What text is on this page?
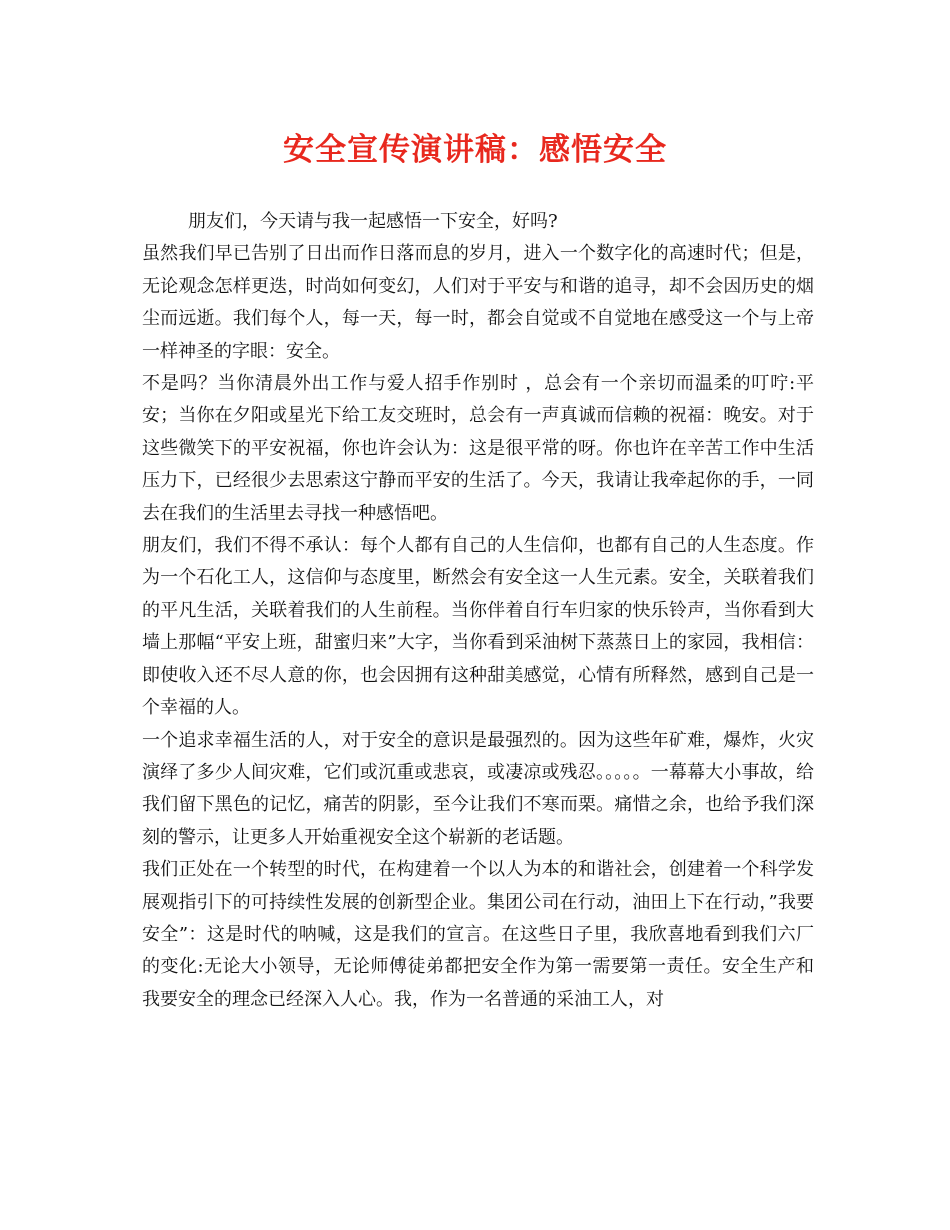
安全宣传演讲稿：感悟安全

朋友们，今天请与我一起感悟一下安全，好吗?

虽然我们早已告别了日出而作日落而息的岁月，进入一个数字化的高速时代；但是，无论观念怎样更迭，时尚如何变幻，人们对于平安与和谐的追寻，却不会因历史的烟尘而远逝。我们每个人，每一天，每一时，都会自觉或不自觉地在感受这一个与上帝一样神圣的字眼：安全。

不是吗？当你清晨外出工作与爱人招手作别时 ，总会有一个亲切而温柔的叮咛:平安；当你在夕阳或星光下给工友交班时，总会有一声真诚而信赖的祝福：晚安。对于这些微笑下的平安祝福，你也许会认为：这是很平常的呀。你也许在辛苦工作中生活压力下，已经很少去思索这宁静而平安的生活了。今天，我请让我牵起你的手，一同去在我们的生活里去寻找一种感悟吧。

朋友们，我们不得不承认：每个人都有自己的人生信仰，也都有自己的人生态度。作为一个石化工人，这信仰与态度里，断然会有安全这一人生元素。安全，关联着我们的平凡生活，关联着我们的人生前程。当你伴着自行车归家的快乐铃声，当你看到大墙上那幅“平安上班，甜蜜归来”大字，当你看到采油树下蒸蒸日上的家园，我相信：即使收入还不尽人意的你，也会因拥有这种甜美感觉，心情有所释然，感到自己是一个幸福的人。

一个追求幸福生活的人，对于安全的意识是最强烈的。因为这些年矿难，爆炸，火灾演绎了多少人间灾难，它们或沉重或悲哀，或凄凉或残忍。。。。。一幕幕大小事故，给我们留下黑色的记忆，痛苦的阴影，至今让我们不寒而栗。痛惜之余，也给予我们深刻的警示，让更多人开始重视安全这个崭新的老话题。

我们正处在一个转型的时代，在构建着一个以人为本的和谐社会，创建着一个科学发展观指引下的可持续性发展的创新型企业。集团公司在行动，油田上下在行动，”我要安全”：这是时代的呐喊，这是我们的宣言。在这些日子里，我欣喜地看到我们六厂的变化:无论大小领导，无论师傅徒弟都把安全作为第一需要第一责任。安全生产和我要安全的理念已经深入人心。我，作为一名普通的采油工人，对
